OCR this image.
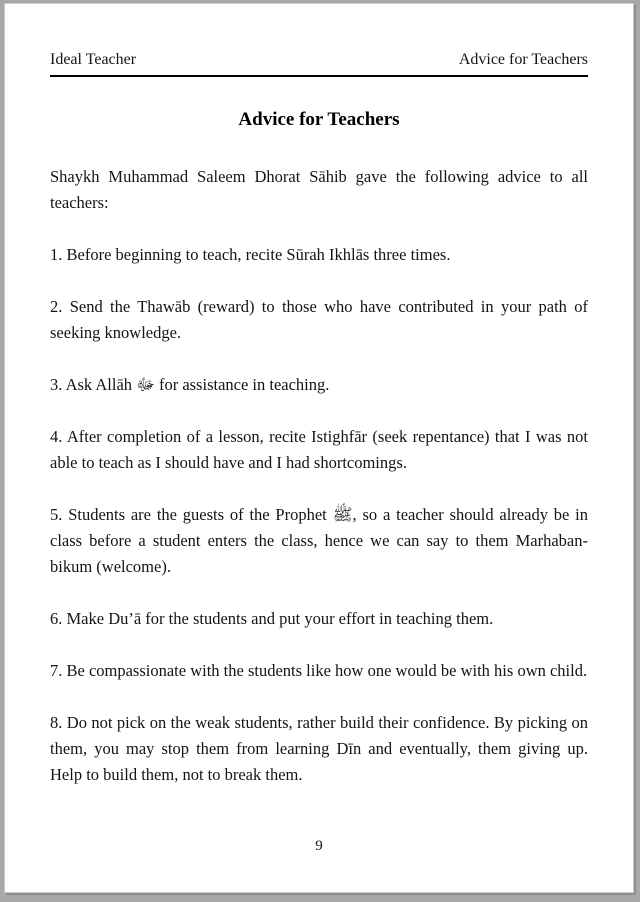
Ideal Teacher	Advice for Teachers
Advice for Teachers

Shaykh Muhammad Saleem Dhorat Sāhib gave the following advice to all teachers:

1. Before beginning to teach, recite Sūrah Ikhlās three times.

2. Send the Thawāb (reward) to those who have contributed in your path of seeking knowledge.

3. Ask Allāh ﷻ for assistance in teaching.

4. After completion of a lesson, recite Istighfār (seek repentance) that I was not able to teach as I should have and I had shortcomings.

5. Students are the guests of the Prophet ﷺ, so a teacher should already be in class before a student enters the class, hence we can say to them Marhaban-bikum (welcome).

6. Make Du’ā for the students and put your effort in teaching them.

7. Be compassionate with the students like how one would be with his own child.

8. Do not pick on the weak students, rather build their confidence. By picking on them, you may stop them from learning Dīn and eventually, them giving up. Help to build them, not to break them.

9
